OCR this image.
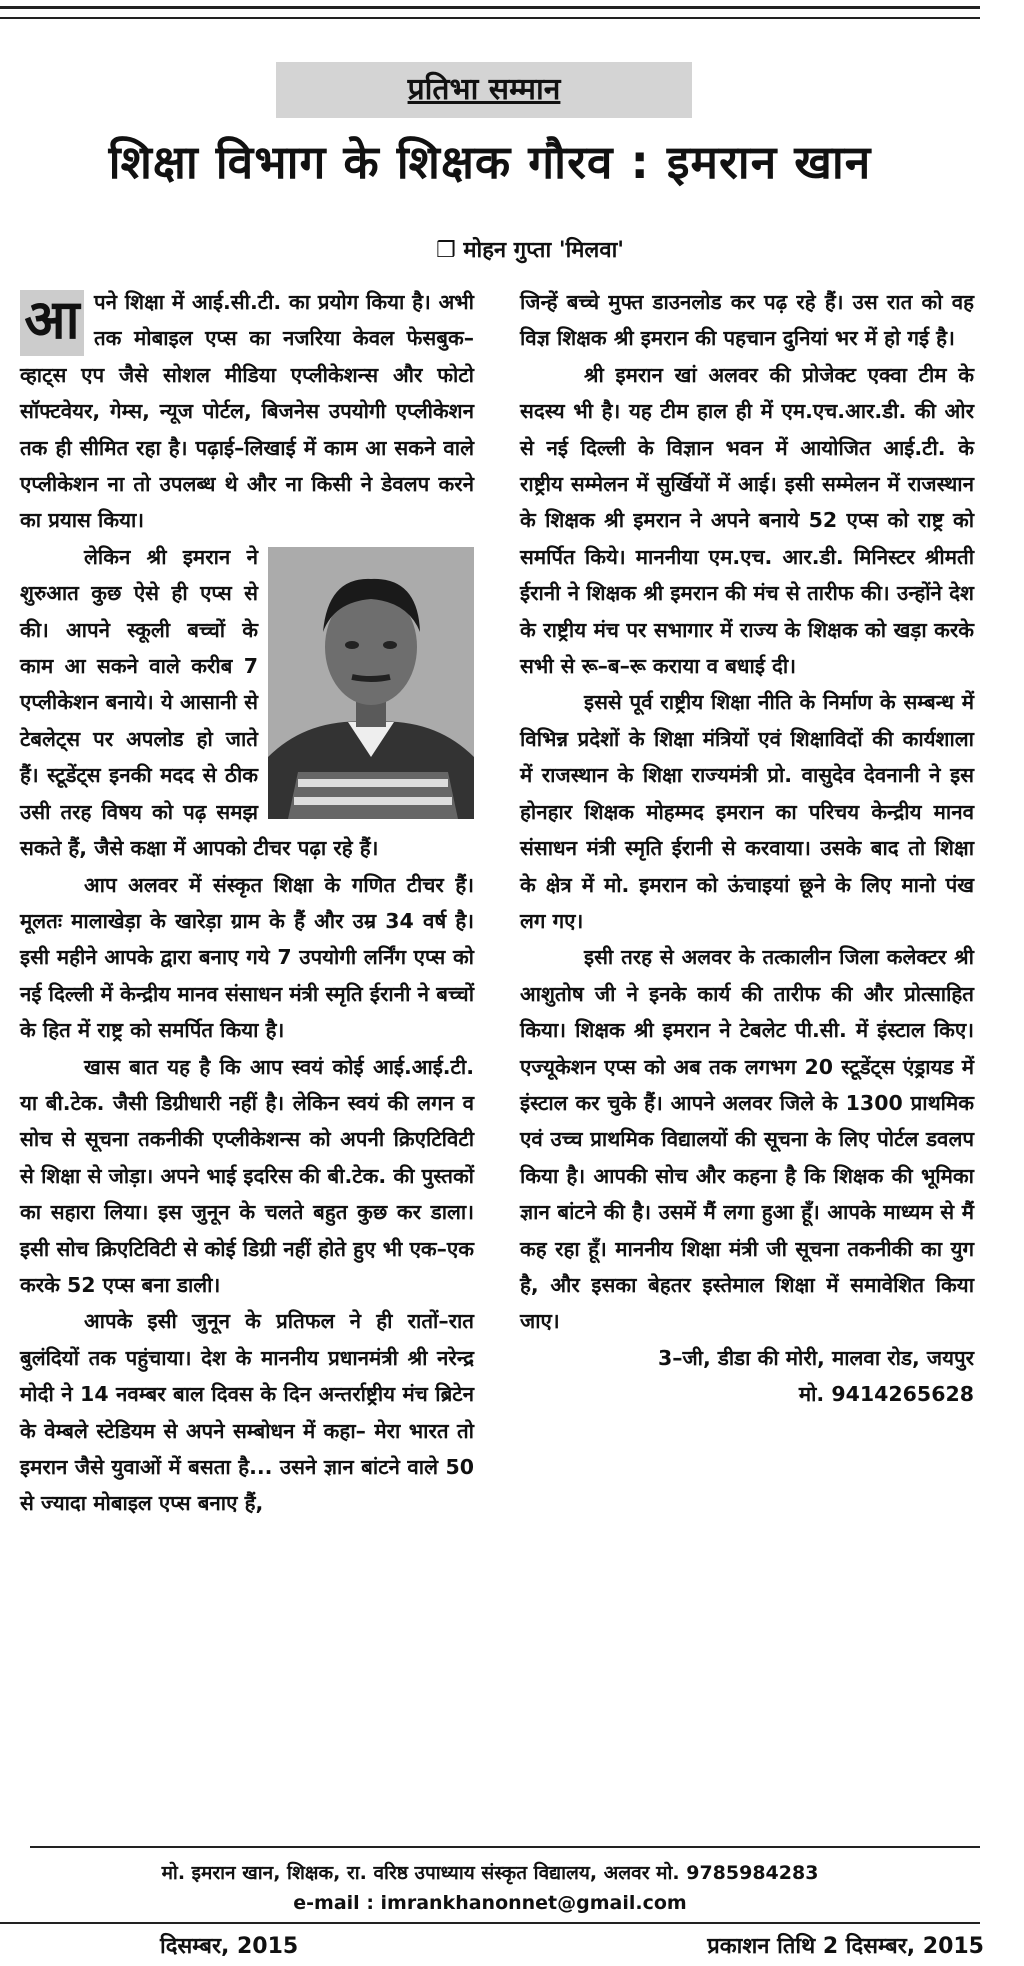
प्रतिभा सम्मान
शिक्षा विभाग के शिक्षक गौरव : इमरान खान
❒ मोहन गुप्ता 'मिलवा'

आ पने शिक्षा में आई.सी.टी. का प्रयोग किया है। अभी तक मोबाइल एप्स का नजरिया केवल फेसबुक–व्हाट्स एप जैसे सोशल मीडिया एप्लीकेशन्स और फोटो सॉफ्टवेयर, गेम्स, न्यूज पोर्टल, बिजनेस उपयोगी एप्लीकेशन तक ही सीमित रहा है। पढ़ाई–लिखाई में काम आ सकने वाले एप्लीकेशन ना तो उपलब्ध थे और ना किसी ने डेवलप करने का प्रयास किया।

लेकिन श्री इमरान ने शुरुआत कुछ ऐसे ही एप्स से की। आपने स्कूली बच्चों के काम आ सकने वाले करीब 7 एप्लीकेशन बनाये। ये आसानी से टेबलेट्स पर अपलोड हो जाते हैं। स्टूडेंट्स इनकी मदद से ठीक उसी तरह विषय को पढ़ समझ सकते हैं, जैसे कक्षा में आपको टीचर पढ़ा रहे हैं।

आप अलवर में संस्कृत शिक्षा के गणित टीचर हैं। मूलतः मालाखेड़ा के खारेड़ा ग्राम के हैं और उम्र 34 वर्ष है। इसी महीने आपके द्वारा बनाए गये 7 उपयोगी लर्निंग एप्स को नई दिल्ली में केन्द्रीय मानव संसाधन मंत्री स्मृति ईरानी ने बच्चों के हित में राष्ट्र को समर्पित किया है।

खास बात यह है कि आप स्वयं कोई आई.आई.टी. या बी.टेक. जैसी डिग्रीधारी नहीं है। लेकिन स्वयं की लगन व सोच से सूचना तकनीकी एप्लीकेशन्स को अपनी क्रिएटिविटी से शिक्षा से जोड़ा। अपने भाई इदरिस की बी.टेक. की पुस्तकों का सहारा लिया। इस जुनून के चलते बहुत कुछ कर डाला। इसी सोच क्रिएटिविटी से कोई डिग्री नहीं होते हुए भी एक–एक करके 52 एप्स बना डाली।

आपके इसी जुनून के प्रतिफल ने ही रातों–रात बुलंदियों तक पहुंचाया। देश के माननीय प्रधानमंत्री श्री नरेन्द्र मोदी ने 14 नवम्बर बाल दिवस के दिन अन्तर्राष्ट्रीय मंच ब्रिटेन के वेम्बले स्टेडियम से अपने सम्बोधन में कहा– मेरा भारत तो इमरान जैसे युवाओं में बसता है... उसने ज्ञान बांटने वाले 50 से ज्यादा मोबाइल एप्स बनाए हैं,

जिन्हें बच्चे मुफ्त डाउनलोड कर पढ़ रहे हैं। उस रात को वह विज्ञ शिक्षक श्री इमरान की पहचान दुनियां भर में हो गई है।

श्री इमरान खां अलवर की प्रोजेक्ट एक्वा टीम के सदस्य भी है। यह टीम हाल ही में एम.एच.आर.डी. की ओर से नई दिल्ली के विज्ञान भवन में आयोजित आई.टी. के राष्ट्रीय सम्मेलन में सुर्खियों में आई। इसी सम्मेलन में राजस्थान के शिक्षक श्री इमरान ने अपने बनाये 52 एप्स को राष्ट्र को समर्पित किये। माननीया एम.एच. आर.डी. मिनिस्टर श्रीमती ईरानी ने शिक्षक श्री इमरान की मंच से तारीफ की। उन्होंने देश के राष्ट्रीय मंच पर सभागार में राज्य के शिक्षक को खड़ा करके सभी से रू–ब–रू कराया व बधाई दी।

इससे पूर्व राष्ट्रीय शिक्षा नीति के निर्माण के सम्बन्ध में विभिन्न प्रदेशों के शिक्षा मंत्रियों एवं शिक्षाविदों की कार्यशाला में राजस्थान के शिक्षा राज्यमंत्री प्रो. वासुदेव देवनानी ने इस होनहार शिक्षक मोहम्मद इमरान का परिचय केन्द्रीय मानव संसाधन मंत्री स्मृति ईरानी से करवाया। उसके बाद तो शिक्षा के क्षेत्र में मो. इमरान को ऊंचाइयां छूने के लिए मानो पंख लग गए।

इसी तरह से अलवर के तत्कालीन जिला कलेक्टर श्री आशुतोष जी ने इनके कार्य की तारीफ की और प्रोत्साहित किया। शिक्षक श्री इमरान ने टेबलेट पी.सी. में इंस्टाल किए। एज्यूकेशन एप्स को अब तक लगभग 20 स्टूडेंट्स एंड्रायड में इंस्टाल कर चुके हैं। आपने अलवर जिले के 1300 प्राथमिक एवं उच्च प्राथमिक विद्यालयों की सूचना के लिए पोर्टल डवलप किया है। आपकी सोच और कहना है कि शिक्षक की भूमिका ज्ञान बांटने की है। उसमें मैं लगा हुआ हूँ। आपके माध्यम से मैं कह रहा हूँ। माननीय शिक्षा मंत्री जी सूचना तकनीकी का युग है, और इसका बेहतर इस्तेमाल शिक्षा में समावेशित किया जाए।

3–जी, डीडा की मोरी, मालवा रोड, जयपुर

मो. 9414265628

मो. इमरान खान, शिक्षक, रा. वरिष्ठ उपाध्याय संस्कृत विद्यालय, अलवर मो. 9785984283
e-mail : imrankhanonnet@gmail.com
दिसम्बर, 2015	प्रकाशन तिथि 2 दिसम्बर, 2015
